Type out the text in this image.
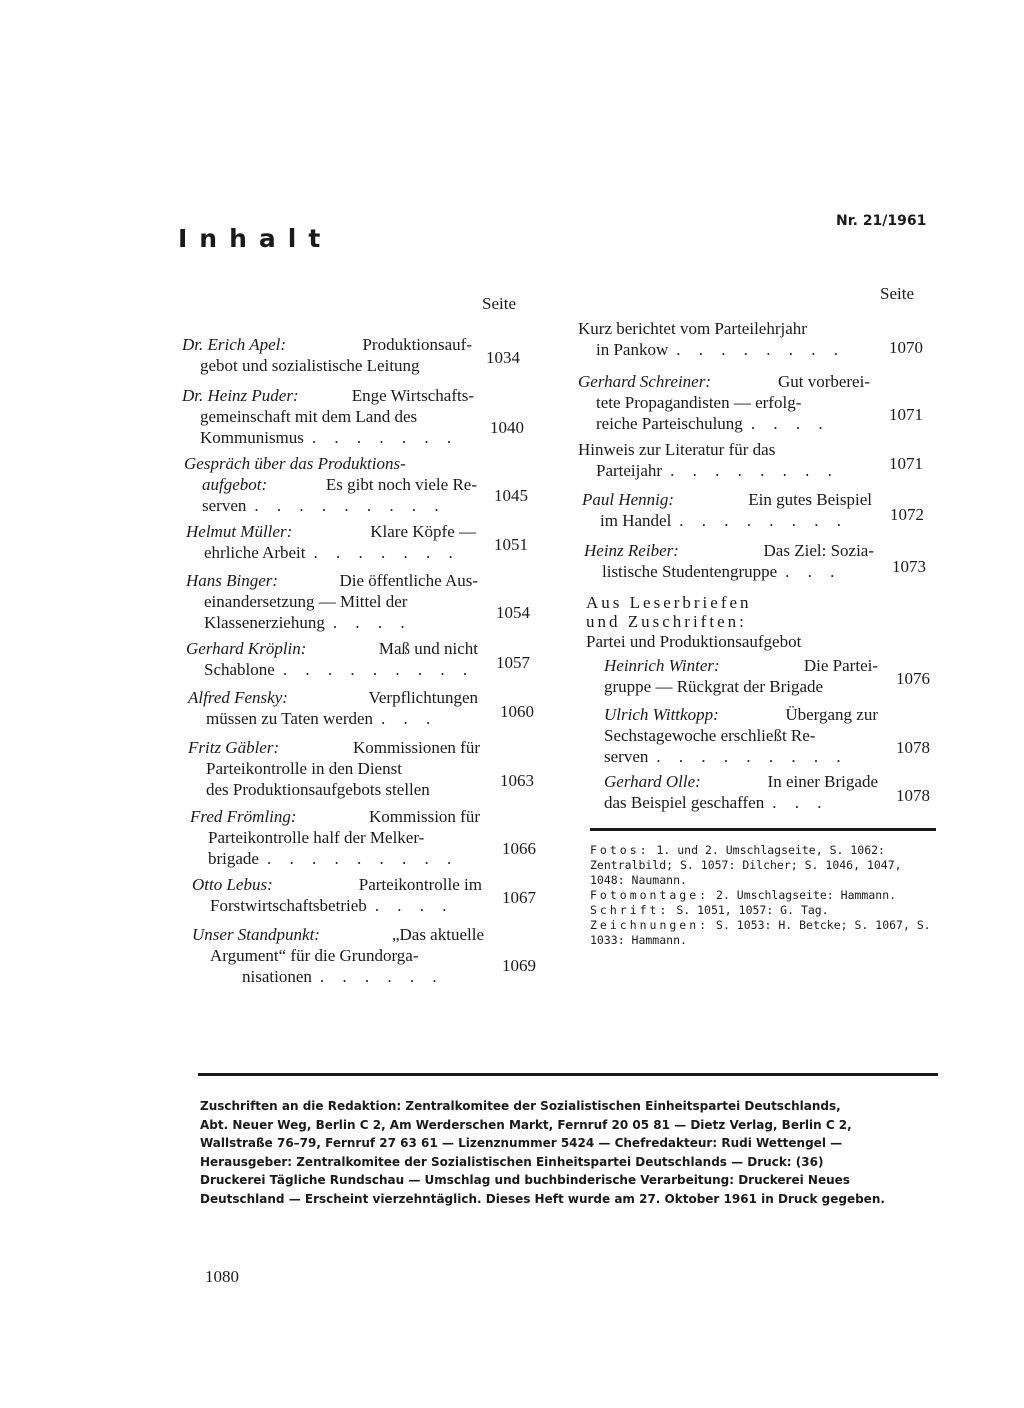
Inhalt
Nr. 21/1961
Seite
Seite
Dr. Erich Apel:	Produktionsauf-
gebot und sozialistische Leitung	1034
Dr. Heinz Puder:	Enge Wirtschafts-
gemeinschaft mit dem Land des
Kommunismus . . . . . . .
1040
Gespräch über das Produktions-
aufgebot:	Es gibt noch viele Re-
serven . . . . . . . . .
1045
Helmut Müller:	Klare Köpfe —
ehrliche Arbeit . . . . . . . 1051
Hans Binger:	Die öffentliche Aus-
einandersetzung — Mittel der
Klassenerziehung . . . .
1054
Gerhard Kröplin:	Maß und nicht
Schablone . . . . . . . . . 1057
Alfred Fensky:	Verpflichtungen
müssen zu Taten werden . . .	1060
Fritz Gäbler:	Kommissionen für
Parteikontrolle in den Dienst
des Produktionsaufgebots stellen	1063
Fred Frömling:	Kommission für
Parteikontrolle half der Melker-
brigade . . . . . . . . .
1066
Otto Lebus:	Parteikontrolle im
Forstwirtschaftsbetrieb . . . .	1067
Unser Standpunkt:	„Das aktuelle
Argument“ für die Grundorga-
nisationen . . . . . .
1069
Kurz berichtet vom Parteilehrjahr
in Pankow . . . . . . . .	1070
Gerhard Schreiner:	Gut vorberei-
tete Propagandisten — erfolg-
reiche Parteischulung . . . .	1071
Hinweis zur Literatur für das
Parteijahr . . . . . . . .	1071
Paul Hennig:	Ein gutes Beispiel
im Handel . . . . . . . . 1072
Heinz Reiber:	Das Ziel: Sozia-
listische Studentengruppe . . .	1073
Aus Leserbriefen
und Zuschriften:
Partei und Produktionsaufgebot
Heinrich Winter:	Die Partei-
gruppe — Rückgrat der Brigade	1076
Ulrich Wittkopp:	Übergang zur
Sechstagewoche erschließt Re-
serven . . . . . . . . .	1078
Gerhard Olle:	In einer Brigade
das Beispiel geschaffen . . .	1078
Fotos: 1. und 2. Umschlagseite, S. 1062: Zentralbild; S. 1057: Dilcher; S. 1046, 1047, 1048: Naumann.
Fotomontage: 2. Umschlagseite: Hammann.
Schrift: S. 1051, 1057: G. Tag.
Zeichnungen: S. 1053: H. Betcke; S. 1067, S. 1033: Hammann.
Zuschriften an die Redaktion: Zentralkomitee der Sozialistischen Einheitspartei Deutschlands,
Abt. Neuer Weg, Berlin C 2, Am Werderschen Markt, Fernruf 20 05 81 — Dietz Verlag, Berlin C 2,
Wallstraße 76–79, Fernruf 27 63 61 — Lizenznummer 5424 — Chefredakteur: Rudi Wettengel —
Herausgeber: Zentralkomitee der Sozialistischen Einheitspartei Deutschlands — Druck: (36)
Druckerei Tägliche Rundschau — Umschlag und buchbinderische Verarbeitung: Druckerei Neues
Deutschland — Erscheint vierzehntäglich. Dieses Heft wurde am 27. Oktober 1961 in Druck gegeben.
1080
